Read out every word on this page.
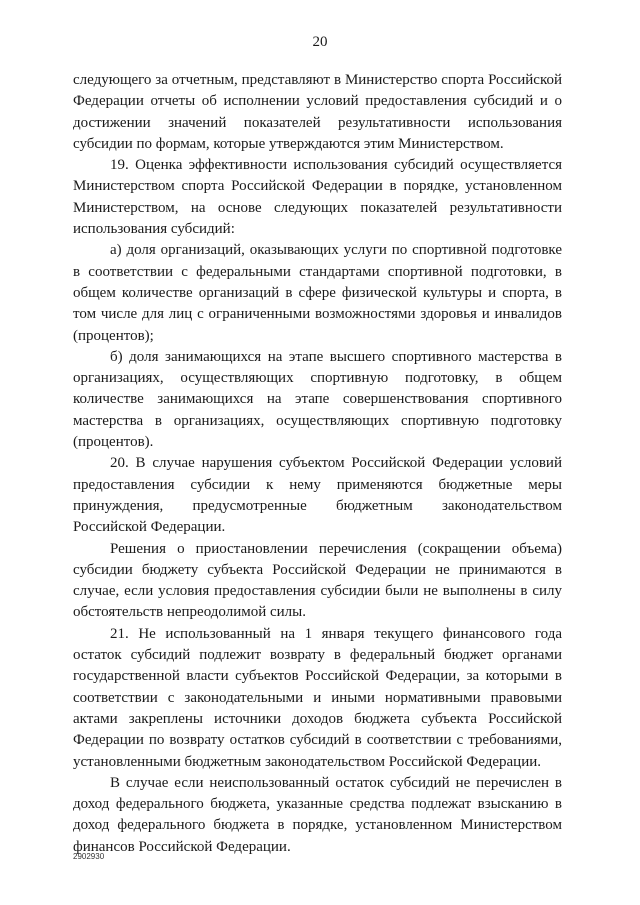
20

следующего за отчетным, представляют в Министерство спорта Российской Федерации отчеты об исполнении условий предоставления субсидий и о достижении значений показателей результативности использования субсидии по формам, которые утверждаются этим Министерством.

19. Оценка эффективности использования субсидий осуществляется Министерством спорта Российской Федерации в порядке, установленном Министерством, на основе следующих показателей результативности использования субсидий:

а) доля организаций, оказывающих услуги по спортивной подготовке в соответствии с федеральными стандартами спортивной подготовки, в общем количестве организаций в сфере физической культуры и спорта, в том числе для лиц с ограниченными возможностями здоровья и инвалидов (процентов);

б) доля занимающихся на этапе высшего спортивного мастерства в организациях, осуществляющих спортивную подготовку, в общем количестве занимающихся на этапе совершенствования спортивного мастерства в организациях, осуществляющих спортивную подготовку (процентов).

20. В случае нарушения субъектом Российской Федерации условий предоставления субсидии к нему применяются бюджетные меры принуждения, предусмотренные бюджетным законодательством Российской Федерации.

Решения о приостановлении перечисления (сокращении объема) субсидии бюджету субъекта Российской Федерации не принимаются в случае, если условия предоставления субсидии были не выполнены в силу обстоятельств непреодолимой силы.

21. Не использованный на 1 января текущего финансового года остаток субсидий подлежит возврату в федеральный бюджет органами государственной власти субъектов Российской Федерации, за которыми в соответствии с законодательными и иными нормативными правовыми актами закреплены источники доходов бюджета субъекта Российской Федерации по возврату остатков субсидий в соответствии с требованиями, установленными бюджетным законодательством Российской Федерации.

В случае если неиспользованный остаток субсидий не перечислен в доход федерального бюджета, указанные средства подлежат взысканию в доход федерального бюджета в порядке, установленном Министерством финансов Российской Федерации.

2902930
